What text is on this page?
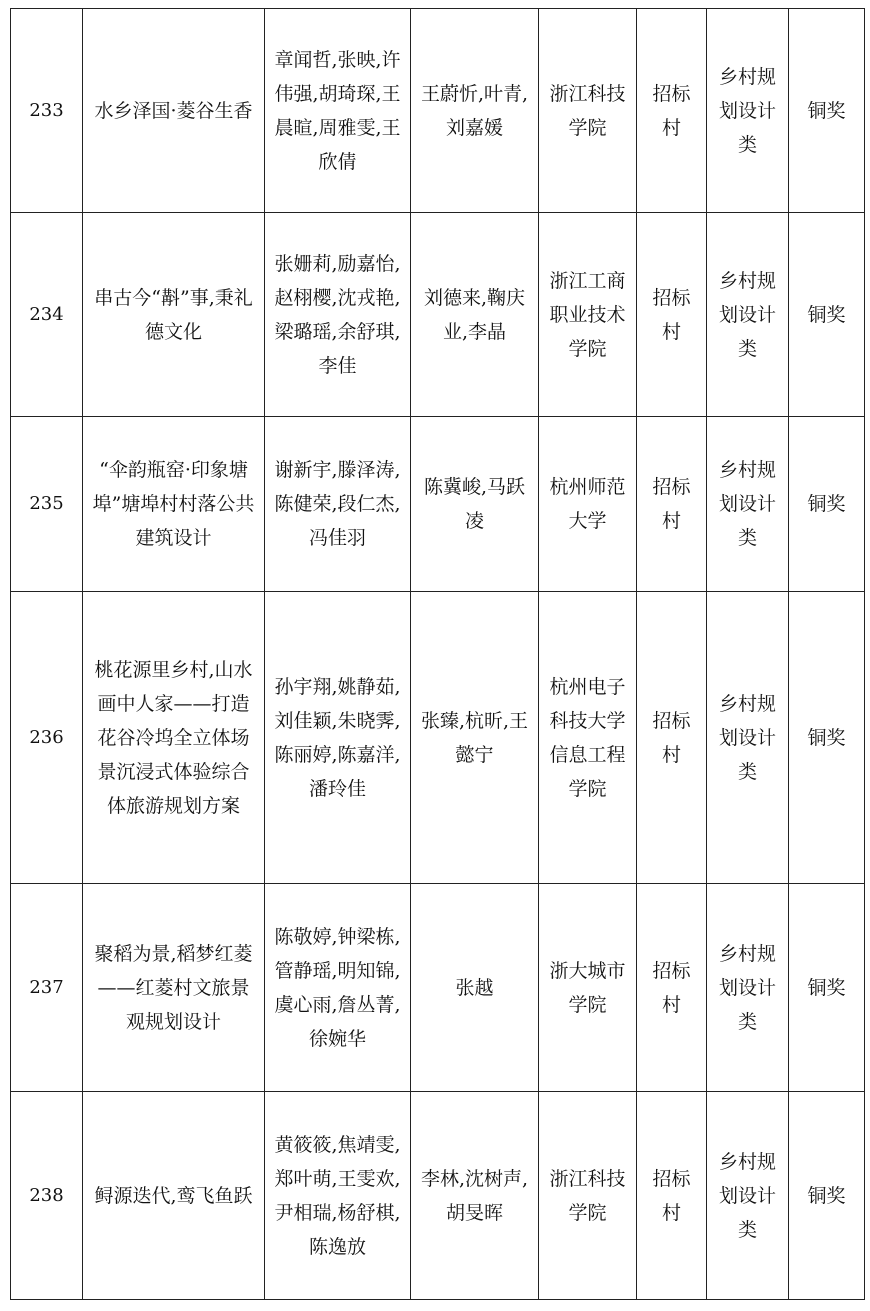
233	水乡泽国·菱谷生香	章闻哲,张映,许伟强,胡琦琛,王晨暄,周雅雯,王欣倩	王蔚忻,叶青,刘嘉媛	浙江科技学院	招标村	乡村规划设计类	铜奖
234	串古今“斠”事,秉礼德文化	张姗莉,励嘉怡,赵栩樱,沈戎艳,梁璐瑶,余舒琪,李佳	刘德来,鞠庆业,李晶	浙江工商职业技术学院	招标村	乡村规划设计类	铜奖
235	“伞韵瓶窑·印象塘埠”塘埠村村落公共建筑设计	谢新宇,滕泽涛,陈健荣,段仁杰,冯佳羽	陈冀峻,马跃凌	杭州师范大学	招标村	乡村规划设计类	铜奖
236	桃花源里乡村,山水画中人家——打造花谷冷坞全立体场景沉浸式体验综合体旅游规划方案	孙宇翔,姚静茹,刘佳颖,朱晓霁,陈丽婷,陈嘉洋,潘玲佳	张臻,杭昕,王懿宁	杭州电子科技大学信息工程学院	招标村	乡村规划设计类	铜奖
237	聚稻为景,稻梦红菱——红菱村文旅景观规划设计	陈敬婷,钟梁栋,管静瑶,明知锦,虞心雨,詹丛菁,徐婉华	张越	浙大城市学院	招标村	乡村规划设计类	铜奖
238	鲟源迭代,鸾飞鱼跃	黄筱筱,焦靖雯,郑叶萌,王雯欢,尹相瑞,杨舒棋,陈逸放	李林,沈树声,胡旻晖	浙江科技学院	招标村	乡村规划设计类	铜奖
